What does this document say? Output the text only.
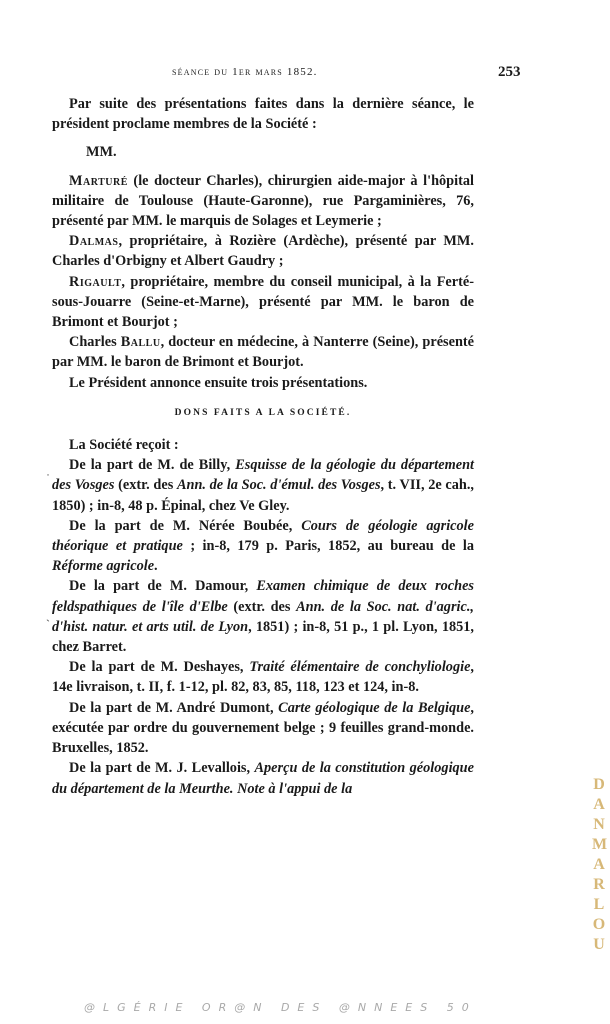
séance du 1er mars 1852.	253

Par suite des présentations faites dans la dernière séance, le président proclame membres de la Société :

MM.

Marturé (le docteur Charles), chirurgien aide-major à l'hôpital militaire de Toulouse (Haute-Garonne), rue Pargaminières, 76, présenté par MM. le marquis de Solages et Leymerie ;

Dalmas, propriétaire, à Rozière (Ardèche), présenté par MM. Charles d'Orbigny et Albert Gaudry ;

Rigault, propriétaire, membre du conseil municipal, à la Ferté-sous-Jouarre (Seine-et-Marne), présenté par MM. le baron de Brimont et Bourjot ;

Charles Ballu, docteur en médecine, à Nanterre (Seine), présenté par MM. le baron de Brimont et Bourjot.

Le Président annonce ensuite trois présentations.

DONS FAITS A LA SOCIÉTÉ.

La Société reçoit :

De la part de M. de Billy, Esquisse de la géologie du département des Vosges (extr. des Ann. de la Soc. d'émul. des Vosges, t. VII, 2e cah., 1850) ; in-8, 48 p. Épinal, chez Ve Gley.

De la part de M. Nérée Boubée, Cours de géologie agricole théorique et pratique ; in-8, 179 p. Paris, 1852, au bureau de la Réforme agricole.

De la part de M. Damour, Examen chimique de deux roches feldspathiques de l'île d'Elbe (extr. des Ann. de la Soc. nat. d'agric., d'hist. natur. et arts util. de Lyon, 1851) ; in-8, 51 p., 1 pl. Lyon, 1851, chez Barret.

De la part de M. Deshayes, Traité élémentaire de conchyliologie, 14e livraison, t. II, f. 1-12, pl. 82, 83, 85, 118, 123 et 124, in-8.

De la part de M. André Dumont, Carte géologique de la Belgique, exécutée par ordre du gouvernement belge ; 9 feuilles grand-monde. Bruxelles, 1852.

De la part de M. J. Levallois, Aperçu de la constitution géologique du département de la Meurthe. Note à l'appui de la

˙
ˋ
D
A
N
M
A
R
L
O
U
@LGÉRIE OR@N DES @NNEES 50
